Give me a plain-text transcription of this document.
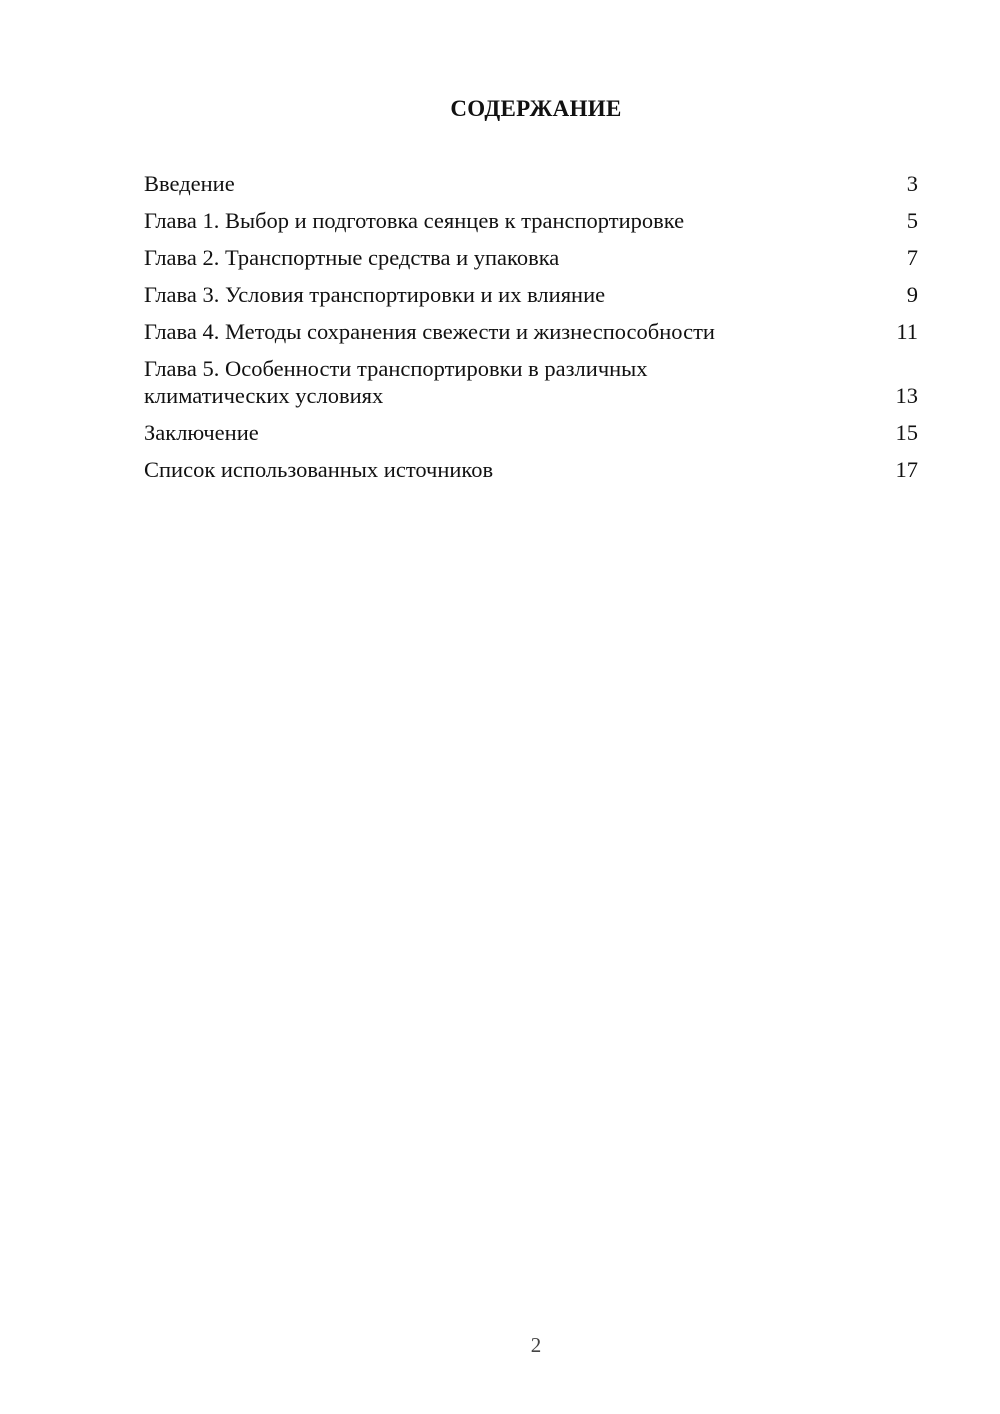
СОДЕРЖАНИЕ
Введение	3
Глава 1. Выбор и подготовка сеянцев к транспортировке	5
Глава 2. Транспортные средства и упаковка	7
Глава 3. Условия транспортировки и их влияние	9
Глава 4. Методы сохранения свежести и жизнеспособности	11
Глава 5. Особенности транспортировки в различных климатических условиях	13
Заключение	15
Список использованных источников	17
2
